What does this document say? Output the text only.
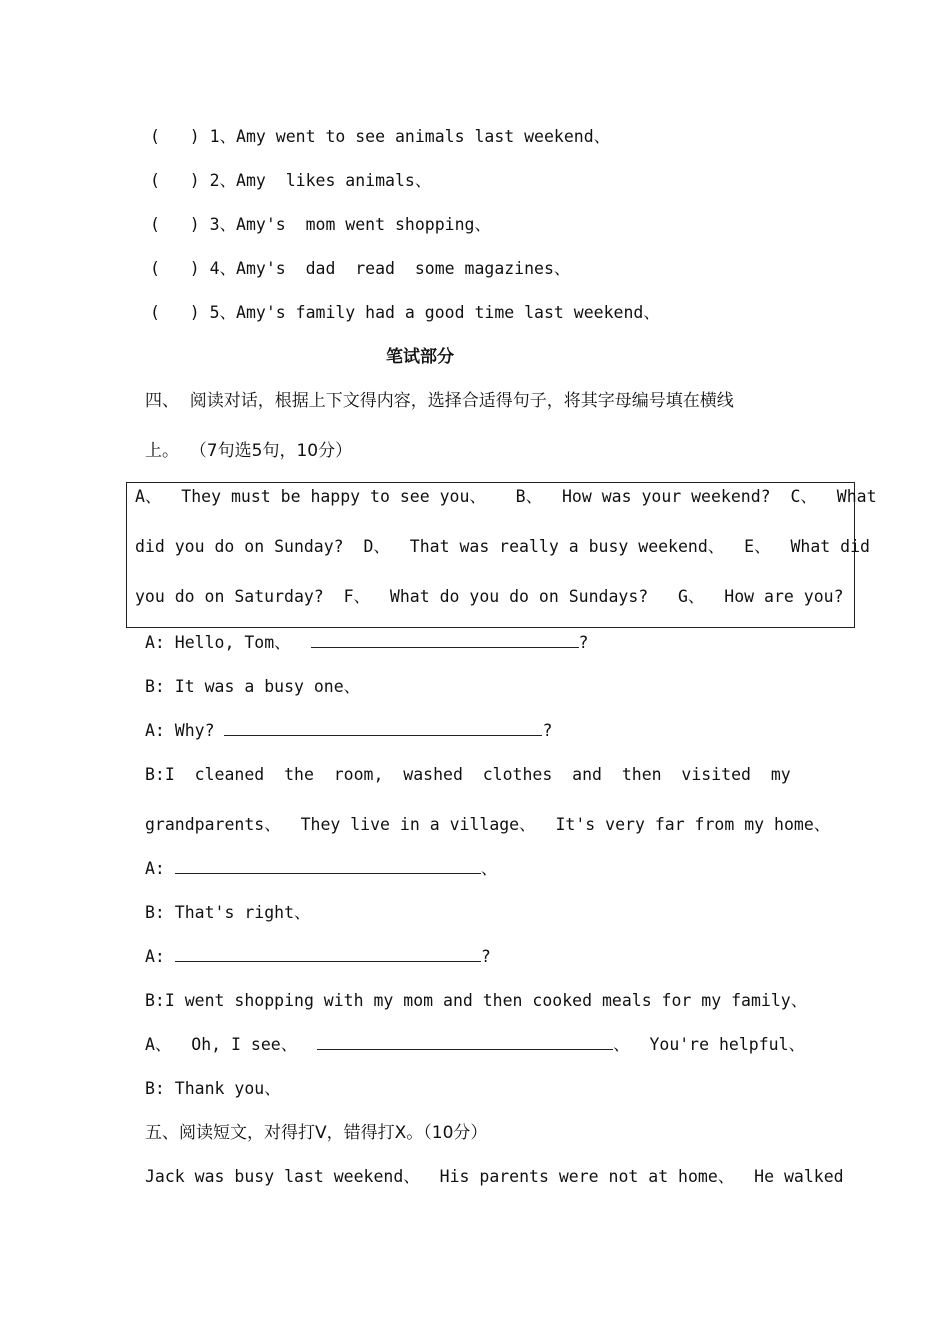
(   ) 1、Amy went to see animals last weekend、
(   ) 2、Amy  likes animals、
(   ) 3、Amy's  mom went shopping、
(   ) 4、Amy's  dad  read  some magazines、
(   ) 5、Amy's family had a good time last weekend、
笔试部分
四、  阅读对话，根据上下文得内容，选择合适得句子，将其字母编号填在横线
上。  （7句选5句，10分）
A、  They must be happy to see you、   B、  How was your weekend?  C、  What
did you do on Sunday?  D、  That was really a busy weekend、  E、  What did
you do on Saturday?  F、  What do you do on Sundays?   G、  How are you?
A: Hello, Tom、	?
B: It was a busy one、
A: Why?	?
B:I  cleaned  the  room,  washed  clothes  and  then  visited  my
grandparents、  They live in a village、  It's very far from my home、
A:	、
B: That's right、
A:	?
B:I went shopping with my mom and then cooked meals for my family、
A、  Oh, I see、	、  You're helpful、
B: Thank you、
五、阅读短文，对得打V，错得打X。（10分）
Jack was busy last weekend、  His parents were not at home、  He walked
